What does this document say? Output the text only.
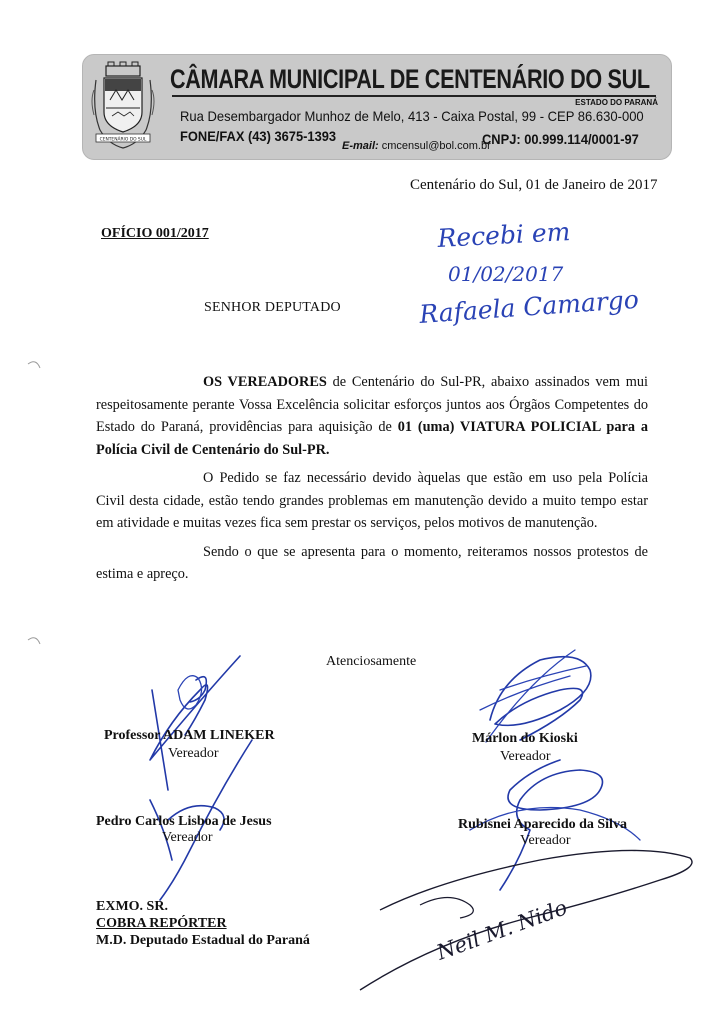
CENTENÁRIO DO SUL
CÂMARA MUNICIPAL DE CENTENÁRIO DO SUL
ESTADO DO PARANÁ
Rua Desembargador Munhoz de Melo, 413 - Caixa Postal, 99 - CEP 86.630-000
FONE/FAX (43) 3675-1393
E-mail: cmcensul@bol.com.br
CNPJ: 00.999.114/0001-97
Centenário do Sul, 01 de Janeiro de 2017
OFÍCIO 001/2017
SENHOR DEPUTADO

OS VEREADORES de Centenário do Sul-PR, abaixo assinados vem mui respeitosamente perante Vossa Excelência solicitar esforços juntos aos Órgãos Competentes do Estado do Paraná, providências para aquisição de 01 (uma) VIATURA POLICIAL para a Polícia Civil de Centenário do Sul-PR.

O Pedido se faz necessário devido àquelas que estão em uso pela Polícia Civil desta cidade, estão tendo grandes problemas em manutenção devido a muito tempo estar em atividade e muitas vezes fica sem prestar os serviços, pelos motivos de manutenção.

Sendo o que se apresenta para o momento, reiteramos nossos protestos de estima e apreço.

Atenciosamente
Recebi em
01/02/2017
Rafaela Camargo
Neil M. Nido
Professor ADAM LINEKER
Vereador
Márlon do Kioski
Vereador
Pedro Carlos Lisboa de Jesus
Vereador
Rubisnei Aparecido da Silva
Vereador
EXMO. SR.
COBRA REPÓRTER
M.D. Deputado Estadual do Paraná
